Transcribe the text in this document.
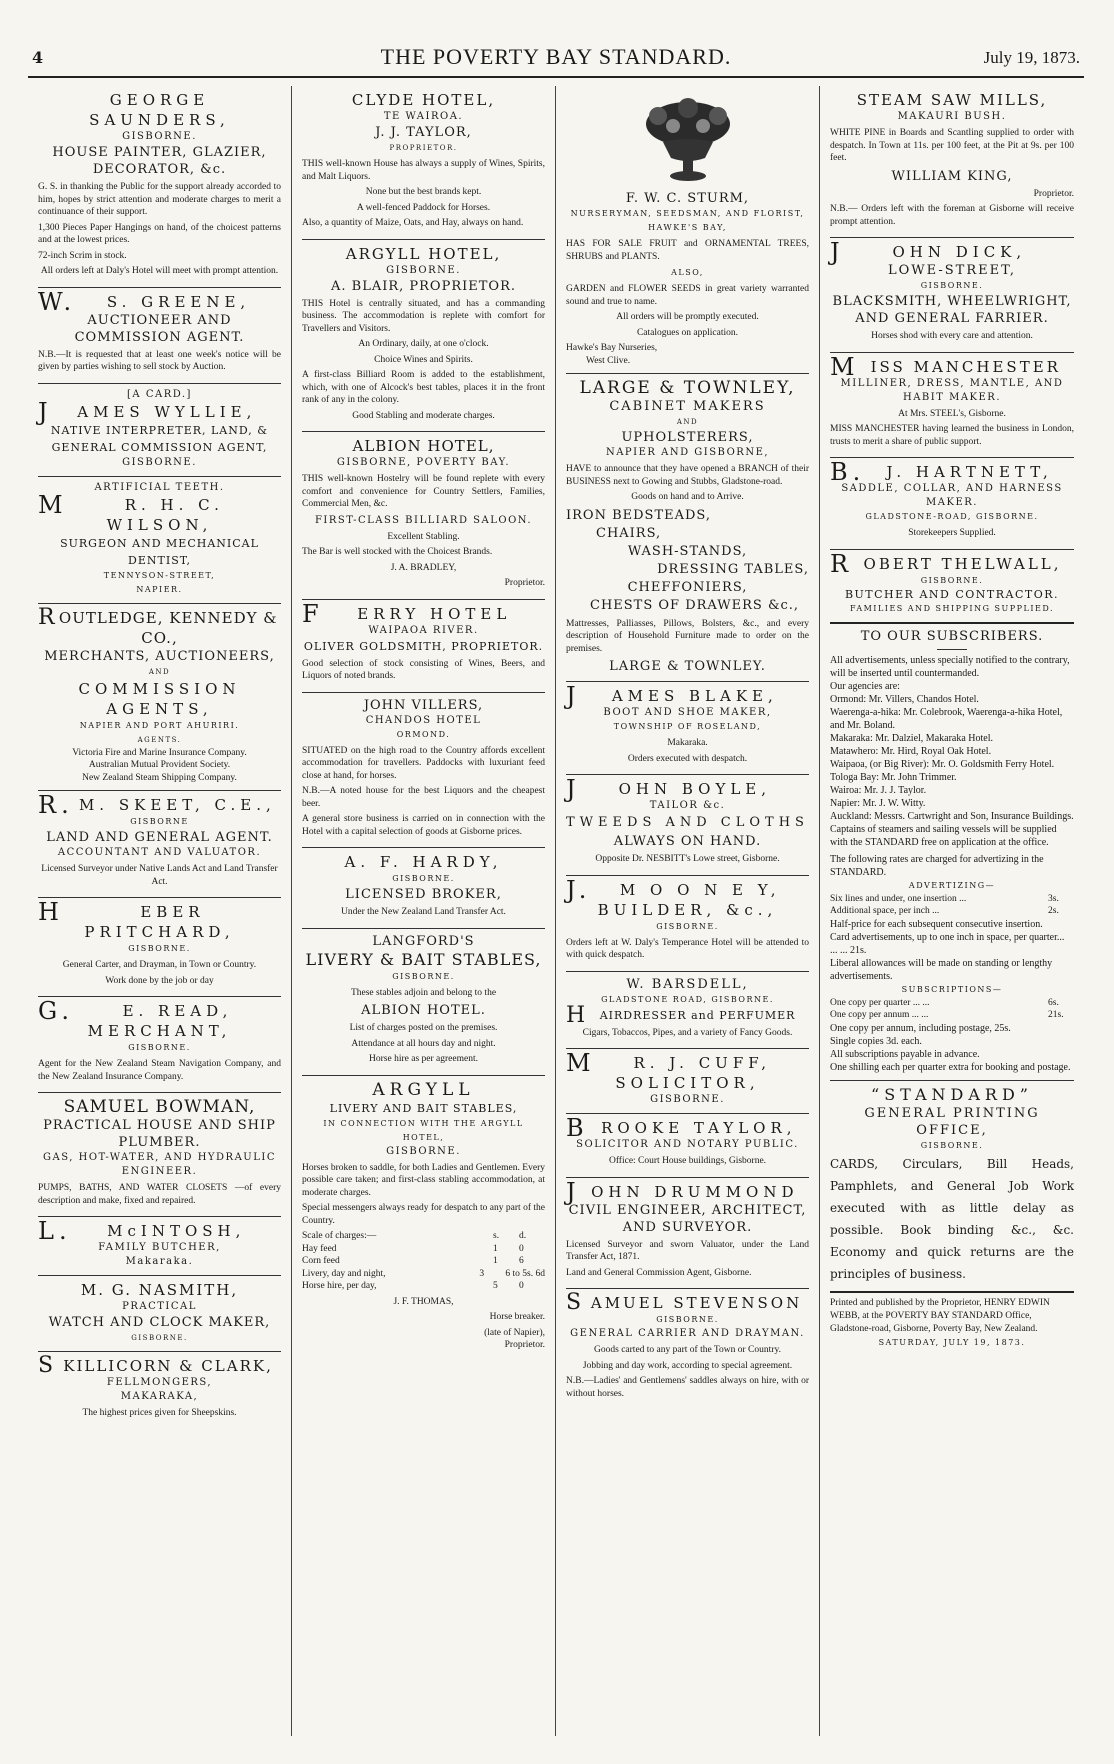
4	THE POVERTY BAY STANDARD.	July 19, 1873.
GEORGE SAUNDERS,
GISBORNE.
HOUSE PAINTER, GLAZIER, DECORATOR, &c.
G. S. in thanking the Public for the support already accorded to him, hopes by strict attention and moderate charges to merit a continuance of their support.
1,300 Pieces Paper Hangings on hand, of the choicest patterns and at the lowest prices.
72-inch Scrim in stock.
All orders left at Daly's Hotel will meet with prompt attention.
W. S. GREENE,
AUCTIONEER AND COMMISSION AGENT.
N.B.—It is requested that at least one week's notice will be given by parties wishing to sell stock by Auction.
[A CARD.]
J AMES WYLLIE,
NATIVE INTERPRETER, LAND, & GENERAL COMMISSION AGENT,
GISBORNE.
ARTIFICIAL TEETH.
M	R. H. C. WILSON,
SURGEON AND MECHANICAL DENTIST,
TENNYSON-STREET,
NAPIER.
R OUTLEDGE, KENNEDY & CO.,
MERCHANTS, AUCTIONEERS,
AND
COMMISSION AGENTS,
NAPIER AND PORT AHURIRI.
AGENTS.
Victoria Fire and Marine Insurance Company.
Australian Mutual Provident Society.
New Zealand Steam Shipping Company.
R. M. SKEET, C.E.,
GISBORNE
LAND AND GENERAL AGENT.
ACCOUNTANT AND VALUATOR.
Licensed Surveyor under Native Lands Act and Land Transfer Act.
H	EBER PRITCHARD,
GISBORNE.
General Carter, and Drayman, in Town or Country.
Work done by the job or day
G.	E. READ,
MERCHANT,
GISBORNE.
Agent for the New Zealand Steam Navigation Company, and the New Zealand Insurance Company.
SAMUEL BOWMAN,
PRACTICAL HOUSE AND SHIP PLUMBER.
GAS, HOT-WATER, AND HYDRAULIC ENGINEER.
PUMPS, BATHS, AND WATER CLOSETS —of every description and make, fixed and repaired.
L. McINTOSH,
FAMILY BUTCHER,
Makaraka.
M. G. NASMITH,
PRACTICAL
WATCH AND CLOCK MAKER,
GISBORNE.
S KILLICORN & CLARK,
FELLMONGERS,
MAKARAKA,
The highest prices given for Sheepskins.
CLYDE HOTEL,
TE WAIROA.
J. J. TAYLOR,
PROPRIETOR.
THIS well-known House has always a supply of Wines, Spirits, and Malt Liquors.
None but the best brands kept.
A well-fenced Paddock for Horses.
Also, a quantity of Maize, Oats, and Hay, always on hand.
ARGYLL HOTEL,
GISBORNE.
A. BLAIR, PROPRIETOR.
THIS Hotel is centrally situated, and has a commanding business. The accommodation is replete with comfort for Travellers and Visitors.
An Ordinary, daily, at one o'clock.
Choice Wines and Spirits.
A first-class Billiard Room is added to the establishment, which, with one of Alcock's best tables, places it in the front rank of any in the colony.
Good Stabling and moderate charges.
ALBION HOTEL,
GISBORNE, POVERTY BAY.
THIS well-known Hostelry will be found replete with every comfort and convenience for Country Settlers, Families, Commercial Men, &c.
FIRST-CLASS BILLIARD SALOON.
Excellent Stabling.
The Bar is well stocked with the Choicest Brands.
J. A. BRADLEY,
Proprietor.
F ERRY HOTEL
WAIPAOA RIVER.
OLIVER GOLDSMITH, PROPRIETOR.
Good selection of stock consisting of Wines, Beers, and Liquors of noted brands.
JOHN VILLERS,
CHANDOS HOTEL
ORMOND.
SITUATED on the high road to the Country affords excellent accommodation for travellers. Paddocks with luxuriant feed close at hand, for horses.
N.B.—A noted house for the best Liquors and the cheapest beer.
A general store business is carried on in connection with the Hotel with a capital selection of goods at Gisborne prices.
A. F. HARDY,
GISBORNE.
LICENSED BROKER,
Under the New Zealand Land Transfer Act.
LANGFORD'S
LIVERY & BAIT STABLES,
GISBORNE.
These stables adjoin and belong to the
ALBION HOTEL.
List of charges posted on the premises.
Attendance at all hours day and night.
Horse hire as per agreement.
ARGYLL
LIVERY AND BAIT STABLES,
IN CONNECTION WITH THE ARGYLL HOTEL,
GISBORNE.
Horses broken to saddle, for both Ladies and Gentlemen. Every possible care taken; and first-class stabling accommodation, at moderate charges.
Special messengers always ready for despatch to any part of the Country.
Scale of charges:—	s.	d.
Hay feed	1	0
Corn feed	1	6
Livery, day and night,	3	6 to 5s. 6d
Horse hire, per day,	5	0
J. F. THOMAS,
Horse breaker.
(late of Napier),
Proprietor.
F. W. C. STURM,
NURSERYMAN, SEEDSMAN, AND FLORIST,
HAWKE'S BAY,
HAS FOR SALE FRUIT and ORNAMENTAL TREES, SHRUBS and PLANTS.
ALSO,
GARDEN and FLOWER SEEDS in great variety warranted sound and true to name.
All orders will be promptly executed.
Catalogues on application.
Hawke's Bay Nurseries,
West Clive.
LARGE & TOWNLEY,
CABINET MAKERS
AND
UPHOLSTERERS,
NAPIER AND GISBORNE,
HAVE to announce that they have opened a BRANCH of their BUSINESS next to Gowing and Stubbs, Gladstone-road.
Goods on hand and to Arrive.
IRON BEDSTEADS,
CHAIRS,
WASH-STANDS,
DRESSING TABLES,
CHEFFONIERS,
CHESTS OF DRAWERS &c.,
Mattresses, Palliasses, Pillows, Bolsters, &c., and every description of Household Furniture made to order on the premises.
LARGE & TOWNLEY.
J AMES BLAKE,
BOOT AND SHOE MAKER,
TOWNSHIP OF ROSELAND,
Makaraka.
Orders executed with despatch.
J	OHN BOYLE,
TAILOR &c.
TWEEDS AND CLOTHS
ALWAYS ON HAND.
Opposite Dr. NESBITT's Lowe street, Gisborne.
J. M O O N E Y,
BUILDER, &c.,
GISBORNE.
Orders left at W. Daly's Temperance Hotel will be attended to with quick despatch.
W. BARSDELL,
GLADSTONE ROAD, GISBORNE.
H AIRDRESSER and PERFUMER
Cigars, Tobaccos, Pipes, and a variety of Fancy Goods.
M	R. J. CUFF,
SOLICITOR,
GISBORNE.
BROOKE TAYLOR,
SOLICITOR AND NOTARY PUBLIC.
Office: Court House buildings, Gisborne.
JOHN DRUMMOND
CIVIL ENGINEER, ARCHITECT, AND SURVEYOR.
Licensed Surveyor and sworn Valuator, under the Land Transfer Act, 1871.
Land and General Commission Agent, Gisborne.
S AMUEL STEVENSON
GISBORNE.
GENERAL CARRIER AND DRAYMAN.
Goods carted to any part of the Town or Country.
Jobbing and day work, according to special agreement.
N.B.—Ladies' and Gentlemens' saddles always on hire, with or without horses.
STEAM SAW MILLS,
MAKAURI BUSH.
WHITE PINE in Boards and Scantling supplied to order with despatch. In Town at 11s. per 100 feet, at the Pit at 9s. per 100 feet.
WILLIAM KING,
Proprietor.
N.B.— Orders left with the foreman at Gisborne will receive prompt attention.
J	OHN DICK,
LOWE-STREET,
GISBORNE.
BLACKSMITH, WHEELWRIGHT, AND GENERAL FARRIER.
Horses shod with every care and attention.
MISS MANCHESTER
MILLINER, DRESS, MANTLE, AND HABIT MAKER.
At Mrs. STEEL's, Gisborne.
MISS MANCHESTER having learned the business in London, trusts to merit a share of public support.
B. J. HARTNETT,
SADDLE, COLLAR, AND HARNESS MAKER.
GLADSTONE-ROAD, GISBORNE.
Storekeepers Supplied.
ROBERT THELWALL,
GISBORNE.
BUTCHER AND CONTRACTOR.
FAMILIES AND SHIPPING SUPPLIED.
TO OUR SUBSCRIBERS.
All advertisements, unless specially notified to the contrary, will be inserted until countermanded.
Our agencies are:
Ormond: Mr. Villers, Chandos Hotel.
Waerenga-a-hika: Mr. Colebrook, Waerenga-a-hika Hotel, and Mr. Boland.
Makaraka: Mr. Dalziel, Makaraka Hotel.
Matawhero: Mr. Hird, Royal Oak Hotel.
Waipaoa, (or Big River): Mr. O. Goldsmith Ferry Hotel.
Tologa Bay: Mr. John Trimmer.
Wairoa: Mr. J. J. Taylor.
Napier: Mr. J. W. Witty.
Auckland: Messrs. Cartwright and Son, Insurance Buildings.
Captains of steamers and sailing vessels will be supplied with the STANDARD free on application at the office.
The following rates are charged for advertizing in the STANDARD.
ADVERTIZING—
Six lines and under, one insertion ...	3s.
Additional space, per inch ...	2s.
Half-price for each subsequent consecutive insertion.
Card advertisements, up to one inch in space, per quarter... ... ... 21s.
Liberal allowances will be made on standing or lengthy advertisements.
SUBSCRIPTIONS—
One copy per quarter ... ...	6s.
One copy per annum ... ...	21s.
One copy per annum, including postage, 25s.
Single copies 3d. each.
All subscriptions payable in advance.
One shilling each per quarter extra for booking and postage.
“STANDARD”
GENERAL PRINTING OFFICE,
GISBORNE.
CARDS, Circulars, Bill Heads, Pamphlets, and General Job Work executed with as little delay as possible. Book binding &c., &c. Economy and quick returns are the principles of business.
Printed and published by the Proprietor, HENRY EDWIN WEBB, at the POVERTY BAY STANDARD Office, Gladstone-road, Gisborne, Poverty Bay, New Zealand.
SATURDAY, JULY 19, 1873.
